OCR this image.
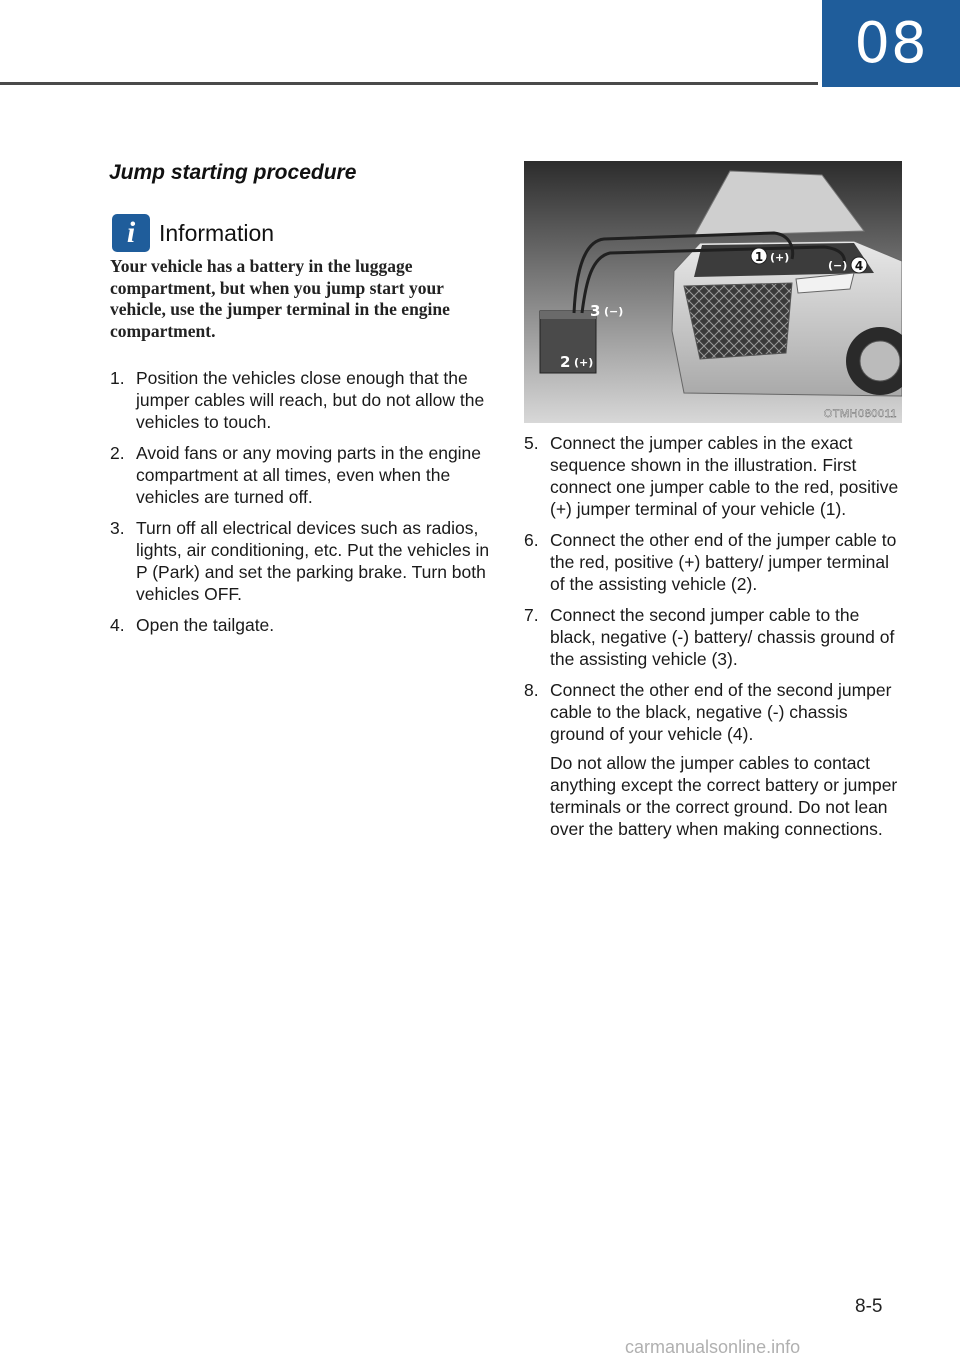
08
Jump starting procedure
i	Information

Your vehicle has a battery in the luggage compartment, but when you jump start your vehicle, use the jumper terminal in the engine compartment.

1. Position the vehicles close enough that the jumper cables will reach, but do not allow the vehicles to touch.
2. Avoid fans or any moving parts in the engine compartment at all times, even when the vehicles are turned off.
3. Turn off all electrical devices such as radios, lights, air conditioning, etc. Put the vehicles in P (Park) and set the parking brake. Turn both vehicles OFF.
4. Open the tailgate.
1 (+)
(−) 4
3 (−)
2 (+)
OTMH080011
5. Connect the jumper cables in the exact sequence shown in the illustration. First connect one jumper cable to the red, positive (+) jumper terminal of your vehicle (1).
6. Connect the other end of the jumper cable to the red, positive (+) battery/ jumper terminal of the assisting vehicle (2).
7. Connect the second jumper cable to the black, negative (-) battery/ chassis ground of the assisting vehicle (3).
8. Connect the other end of the second jumper cable to the black, negative (-) chassis ground of your vehicle (4).
Do not allow the jumper cables to contact anything except the correct battery or jumper terminals or the correct ground. Do not lean over the battery when making connections.
8-5
carmanualsonline.info
